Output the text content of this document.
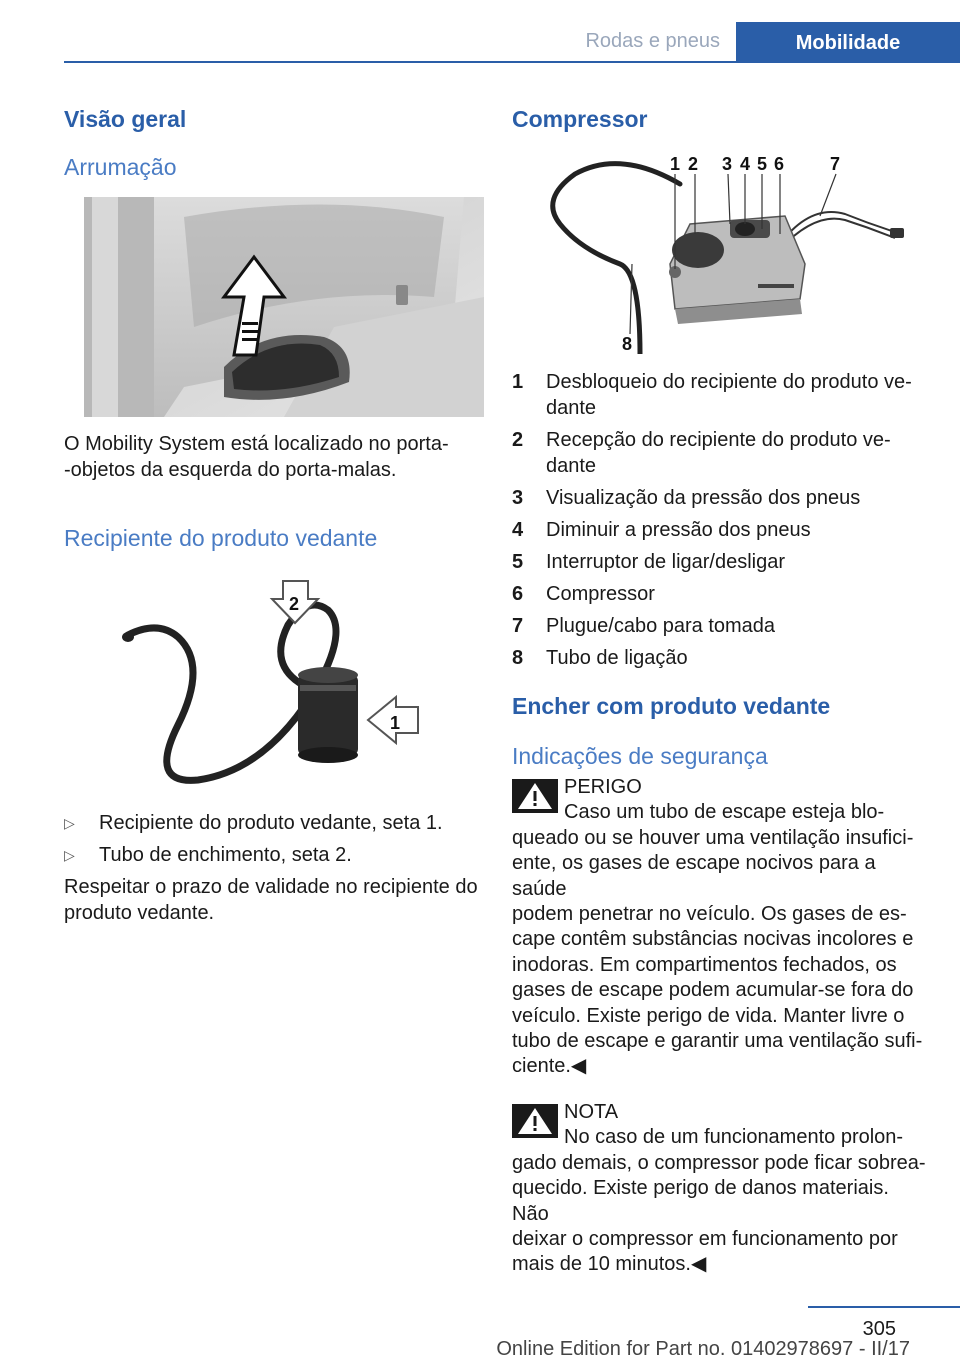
Rodas e pneus	Mobilidade
Visão geral
Arrumação

O Mobility System está localizado no porta-
-objetos da esquerda do porta-malas.

Recipiente do produto vedante
2
1
▷ Recipiente do produto vedante, seta 1.
▷ Tubo de enchimento, seta 2.

Respeitar o prazo de validade no recipiente do produto vedante.

Compressor
1 2 3 4 5 6	7
8
1 Desbloqueio do recipiente do produto ve-
dante
2 Recepção do recipiente do produto ve-
dante
3 Visualização da pressão dos pneus
4 Diminuir a pressão dos pneus
5 Interruptor de ligar/desligar
6 Compressor
7 Plugue/cabo para tomada
8 Tubo de ligação
Encher com produto vedante
Indicações de segurança
PERIGO
Caso um tubo de escape esteja blo-
queado ou se houver uma ventilação insufici-
ente, os gases de escape nocivos para a saúde
podem penetrar no veículo. Os gases de es-
cape contêm substâncias nocivas incolores e
inodoras. Em compartimentos fechados, os
gases de escape podem acumular-se fora do
veículo. Existe perigo de vida. Manter livre o
tubo de escape e garantir uma ventilação sufi-
ciente.◀
NOTA
No caso de um funcionamento prolon-
gado demais, o compressor pode ficar sobrea-
quecido. Existe perigo de danos materiais. Não
deixar o compressor em funcionamento por
mais de 10 minutos.◀
305
Online Edition for Part no. 01402978697 - II/17
